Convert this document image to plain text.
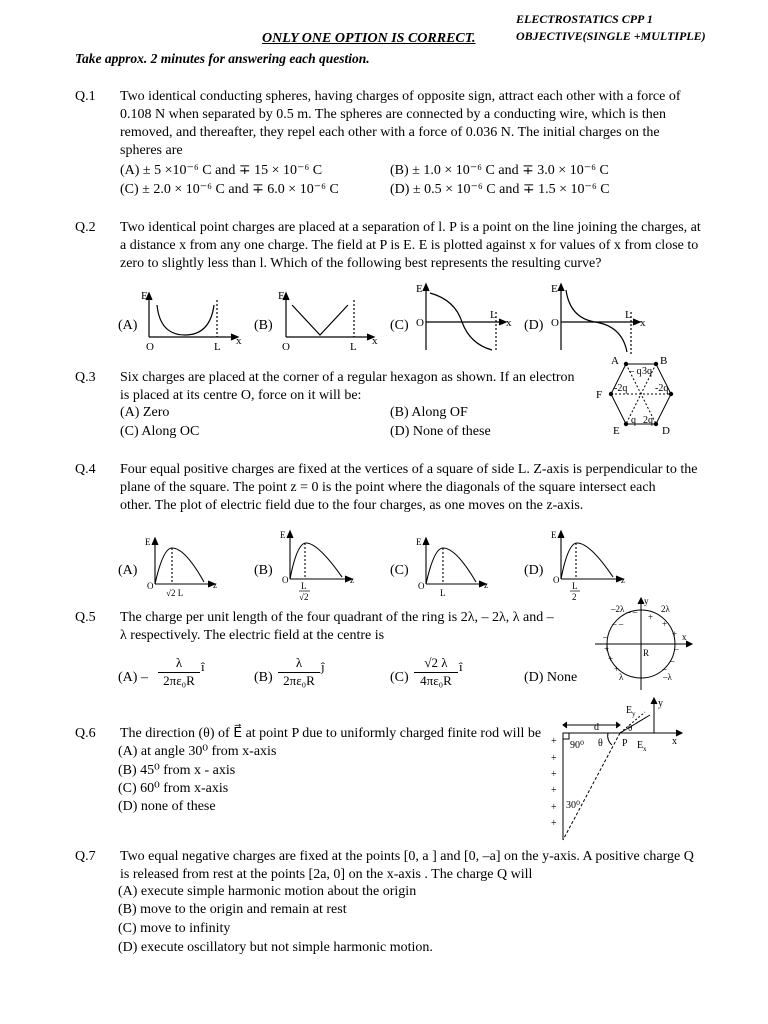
ELECTROSTATICS CPP 1
OBJECTIVE(SINGLE +MULTIPLE)
ONLY ONE OPTION IS CORRECT.
Take approx. 2 minutes for answering each question.
Q.1 Two identical conducting spheres, having charges of opposite sign, attract each other with a force of
0.108 N when separated by 0.5 m. The spheres are connected by a conducting wire, which is then
removed, and thereafter, they repel each other with a force of 0.036 N. The initial charges on the
spheres are
(A) ± 5 ×10⁻⁶ C and ∓ 15 × 10⁻⁶ C	(B) ± 1.0 × 10⁻⁶ C and ∓ 3.0 × 10⁻⁶ C
(C) ± 2.0 × 10⁻⁶ C and ∓ 6.0 × 10⁻⁶ C	(D) ± 0.5 × 10⁻⁶ C and ∓ 1.5 × 10⁻⁶ C
Q.2 Two identical point charges are placed at a separation of l. P is a point on the line joining the charges, at
a distance x from any one charge. The field at P is E. E is plotted against x for values of x from close to
zero to slightly less than l. Which of the following best represents the resulting curve?
(A)	(B)	(C)	(D)
E
O	L x
E
O	L x
E
O
L
x
E
O
L
x
Q.3 Six charges are placed at the corner of a regular hexagon as shown. If an electron
is placed at its centre O, force on it will be:
(A) Zero	(B) Along OF
(C) Along OC	(D) None of these
A	B
F
E	D
– q 3q
-2q	-2q
q 2q
Q.4 Four equal positive charges are fixed at the vertices of a square of side L. Z-axis is perpendicular to the
plane of the square. The point z = 0 is the point where the diagonals of the square intersect each
other. The plot of electric field due to the four charges, as one moves on the z-axis.
(A)	(B)	(C)	(D)
E
O
√2 L
z
E
O
L
√2
z
E
O
L
z
E
O
L
2
z
Q.5 The charge per unit length of the four quadrant of the ring is 2λ, – 2λ, λ and –
λ respectively. The electric field at the centre is
$(A) - \frac{\lambda}{\text{2πε₀R}}$ î
$(B) \frac{\lambda}{\text{2πε₀R}}$ ĵ
$(C) \frac{√2 \lambda}{\text{4πε₀R}}$ î
(D) None
–2λ	2λ
y
x
R
λ	–λ
– –
–
+
+
+
+
+
–
–
–
– – +
Q.6 The direction (θ) of E⃗ at point P due to uniformly charged finite rod will be
(A) at angle 30⁰ from x-axis
(B) 45⁰ from x - axis
(C) 60⁰ from x-axis
(D) none of these
d
90⁰ θ P
E y
E x
y
x
θ
30⁰
+
+
+
+
+
+
Q.7 Two equal negative charges are fixed at the points [0, a ] and [0, –a] on the y-axis. A positive charge Q
is released from rest at the points [2a, 0] on the x-axis . The charge Q will
(A) execute simple harmonic motion about the origin
(B) move to the origin and remain at rest
(C) move to infinity
(D) execute oscillatory but not simple harmonic motion.
